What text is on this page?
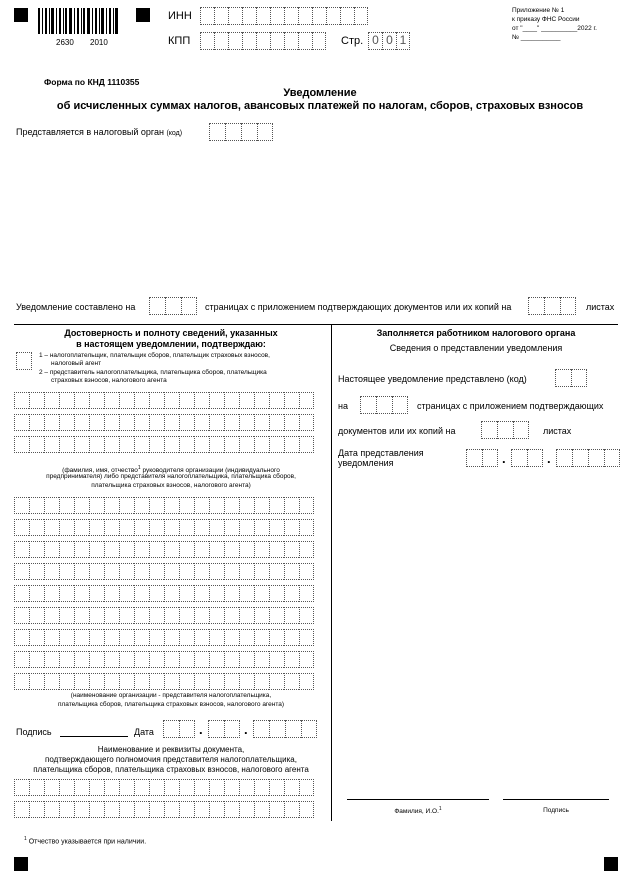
2630 2010
ИНН
КПП	Стр. 0 0 1
Приложение № 1
к приказу ФНС России
от "____" __________2022 г.
№ ___________
Форма по КНД 1110355
Уведомление
об исчисленных суммах налогов, авансовых платежей по налогам, сборов, страховых взносов
Представляется в налоговый орган (код)
Уведомление составлено на	страницах с приложением подтверждающих документов или их копий на	листах
Достоверность и полноту сведений, указанных
в настоящем уведомлении, подтверждаю:
1 – налогоплательщик, плательщик сборов, плательщик страховых взносов,
налоговый агент
2 – представитель налогоплательщика, плательщика сборов, плательщика
страховых взносов, налогового агента
(фамилия, имя, отчество$^1$ руководителя организации (индивидуального
предпринимателя) либо представителя налогоплательщика, плательщика сборов,
плательщика страховых взносов, налогового агента)
(наименование организации - представителя налогоплательщика,
плательщика сборов, плательщика страховых взносов, налогового агента)
Подпись	Дата	.	.
Наименование и реквизиты документа,
подтверждающего полномочия представителя налогоплательщика,
плательщика сборов, плательщика страховых взносов, налогового агента
Заполняется работником налогового органа
Сведения о представлении уведомления
Настоящее уведомление представлено (код)
на	страницах с приложением подтверждающих
документов или их копий на	листах
Дата представления
уведомления	.	.
Фамилия, И.О.$^1$	Подпись
$^1$ Отчество указывается при наличии.
